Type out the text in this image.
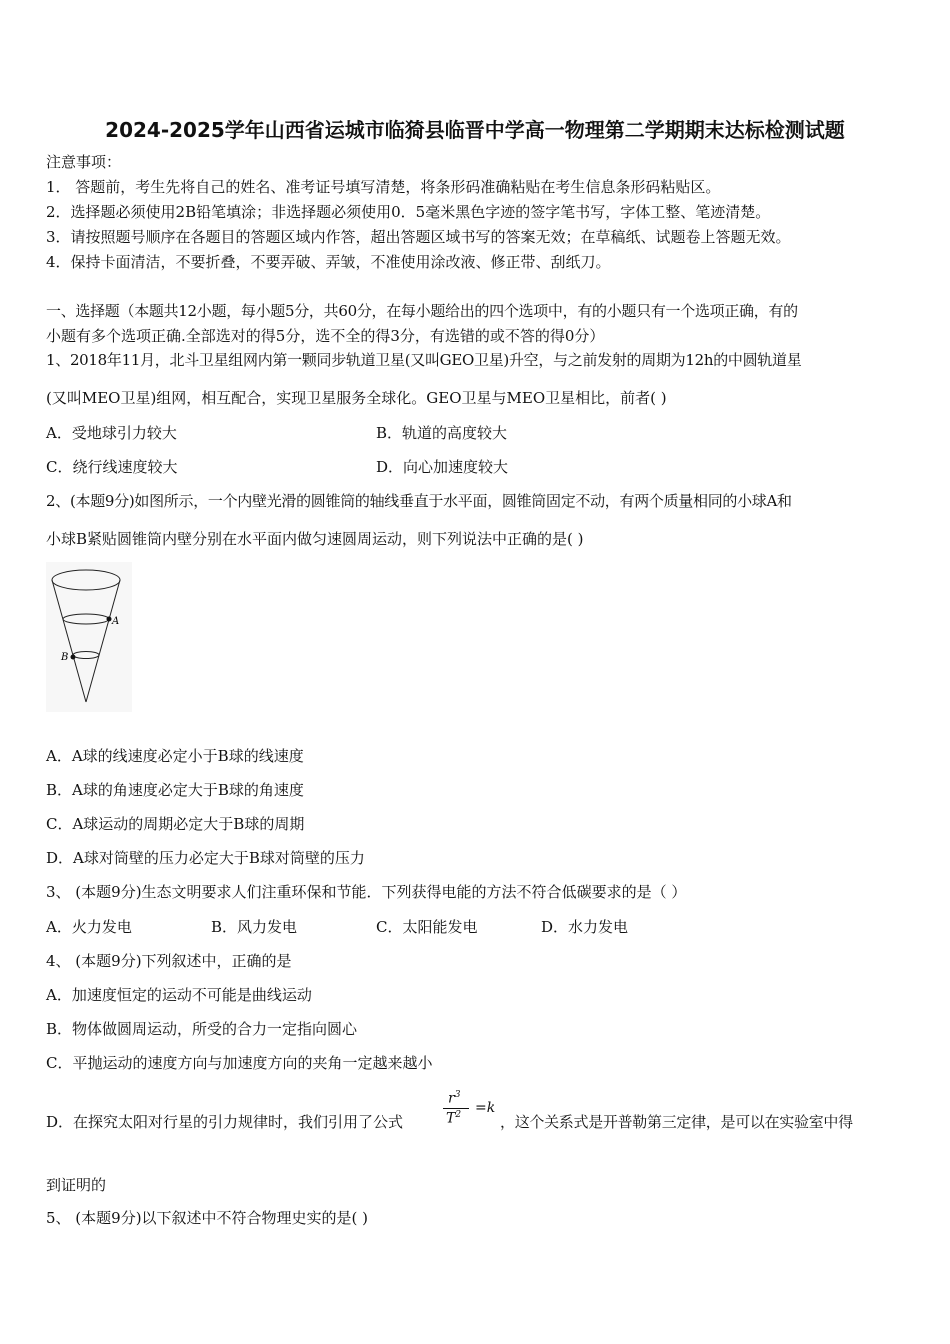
2024-2025学年山西省运城市临猗县临晋中学高一物理第二学期期末达标检测试题
注意事项：
1． 答题前，考生先将自己的姓名、准考证号填写清楚，将条形码准确粘贴在考生信息条形码粘贴区。
2．选择题必须使用2B铅笔填涂；非选择题必须使用0．5毫米黑色字迹的签字笔书写，字体工整、笔迹清楚。
3．请按照题号顺序在各题目的答题区域内作答，超出答题区域书写的答案无效；在草稿纸、试题卷上答题无效。
4．保持卡面清洁，不要折叠，不要弄破、弄皱，不准使用涂改液、修正带、刮纸刀。
一、选择题（本题共12小题，每小题5分，共60分，在每小题给出的四个选项中，有的小题只有一个选项正确，有的
小题有多个选项正确.全部选对的得5分，选不全的得3分，有选错的或不答的得0分）
1、2018年11月，北斗卫星组网内第一颗同步轨道卫星(又叫GEO卫星)升空，与之前发射的周期为12h的中圆轨道星
(又叫MEO卫星)组网，相互配合，实现卫星服务全球化。GEO卫星与MEO卫星相比，前者( )
A．受地球引力较大	B．轨道的高度较大
C．绕行线速度较大	D．向心加速度较大
2、(本题9分)如图所示，一个内壁光滑的圆锥筒的轴线垂直于水平面，圆锥筒固定不动，有两个质量相同的小球A和
小球B紧贴圆锥筒内壁分别在水平面内做匀速圆周运动，则下列说法中正确的是( )
A
B
A．A球的线速度必定小于B球的线速度
B．A球的角速度必定大于B球的角速度
C．A球运动的周期必定大于B球的周期
D．A球对筒壁的压力必定大于B球对筒壁的压力
3、 (本题9分)生态文明要求人们注重环保和节能．下列获得电能的方法不符合低碳要求的是（ ）
A．火力发电	B．风力发电	C．太阳能发电	D．水力发电
4、 (本题9分)下列叙述中，正确的是
A．加速度恒定的运动不可能是曲线运动
B．物体做圆周运动，所受的合力一定指向圆心
C．平抛运动的速度方向与加速度方向的夹角一定越来越小
D．在探究太阳对行星的引力规律时，我们引用了公式
$r^3$
$T^2 =k$
，这个关系式是开普勒第三定律，是可以在实验室中得
到证明的
5、 (本题9分)以下叙述中不符合物理史实的是( )
